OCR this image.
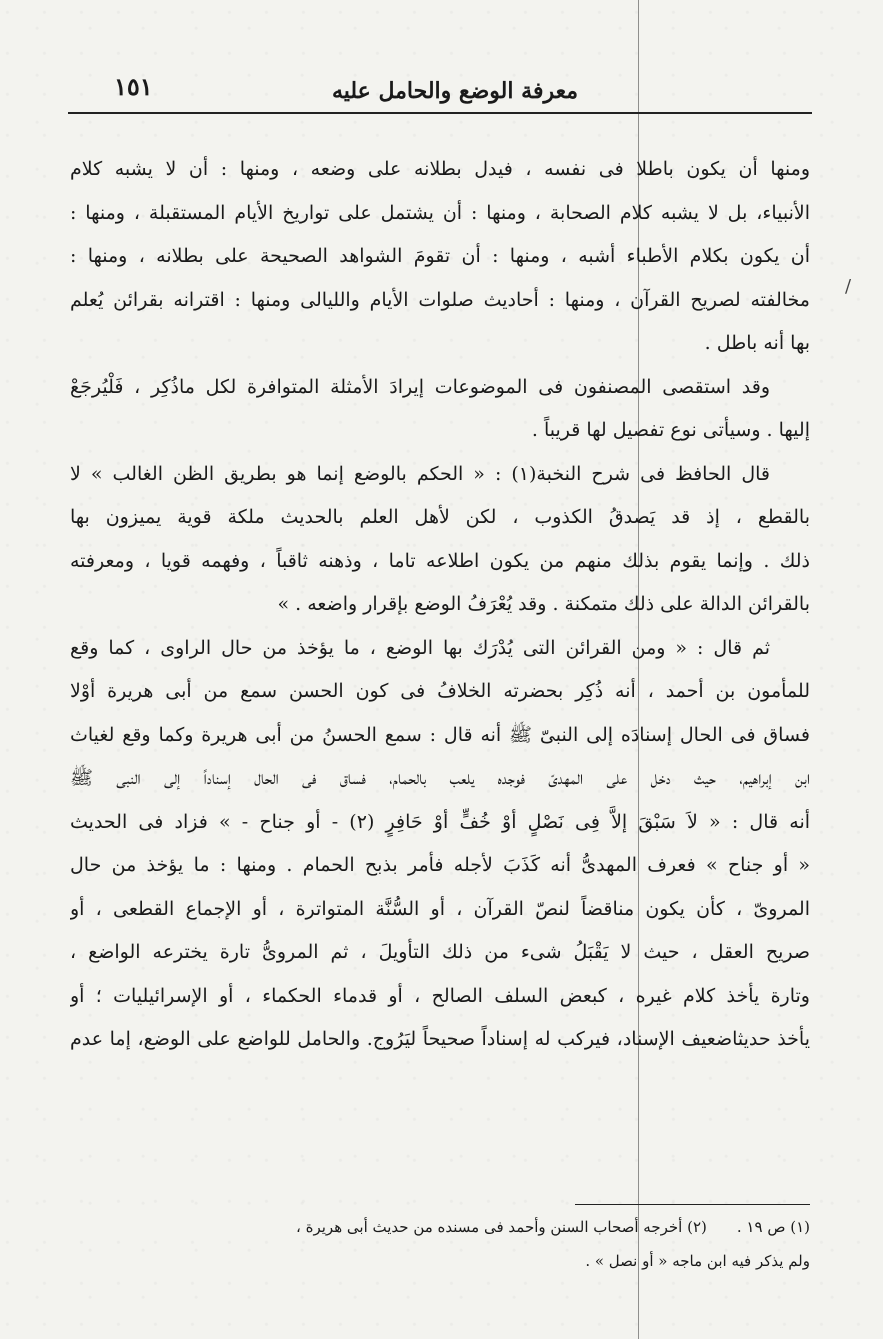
معرفة الوضع والحامل عليه
١٥١
/
ومنها أن يكون باطلا فى نفسه ، فيدل بطلانه على وضعه ، ومنها : أن لا يشبه كلام
الأنبياء، بل لا يشبه كلام الصحابة ، ومنها : أن يشتمل على تواريخ الأيام المستقبلة ، ومنها :
أن يكون بكلام الأطباء أشبه ، ومنها : أن تقومَ الشواهد الصحيحة على بطلانه ، ومنها :
مخالفته لصريح القرآن ، ومنها : أحاديث صلوات الأيام والليالى ومنها : اقترانه بقرائن يُعلم
بها أنه باطل .
وقد استقصى المصنفون فى الموضوعات إيرادَ الأمثلة المتوافرة لكل ماذُكِر ، فَلْيُرجَعْ
إليها . وسيأتى نوع تفصيل لها قريباً .
قال الحافظ فى شرح النخبة(١) : « الحكم بالوضع إنما هو بطريق الظن الغالب » لا
بالقطع ، إذ قد يَصدقُ الكذوب ، لكن لأهل العلم بالحديث ملكة قوية يميزون بها
ذلك . وإنما يقوم بذلك منهم من يكون اطلاعه تاما ، وذهنه ثاقباً ، وفهمه قويا ، ومعرفته
بالقرائن الدالة على ذلك متمكنة . وقد يُعْرَفُ الوضع بإقرار واضعه . »
ثم قال : « ومن القرائن التى يُدْرَك بها الوضع ، ما يؤخذ من حال الراوى ، كما وقع
للمأمون بن أحمد ، أنه ذُكِر بحضرته الخلافُ فى كون الحسن سمع من أبى هريرة أوْلا
فساق فى الحال إسنادَه إلى النبىّ ﷺ أنه قال : سمع الحسنُ من أبى هريرة وكما وقع لغياث
ابن إبراهيم، حيث دخل على المهدىّ فوجده يلعب بالحمام، فساق فى الحال إسناداً إلى النبى ﷺ
أنه قال : « لاَ سَبْقَ إلاَّ فِى نَصْلٍ أوْ خُفٍّ أوْ حَافِرٍ (٢) - أو جناح - » فزاد فى الحديث
« أو جناح » فعرف المهدىُّ أنه كَذَبَ لأجله فأمر بذبح الحمام . ومنها : ما يؤخذ من حال
المروىّ ، كأن يكون مناقضاً لنصّ القرآن ، أو السُّنَّة المتواترة ، أو الإجماع القطعى ، أو
صريح العقل ، حيث لا يَقْبَلُ شىء من ذلك التأويلَ ، ثم المروىُّ تارة يخترعه الواضع ،
وتارة يأخذ كلام غيره ، كبعض السلف الصالح ، أو قدماء الحكماء ، أو الإسرائيليات ؛ أو
يأخذ حديثاضعيف الإسناد، فيركب له إسناداً صحيحاً ليَرُوج. والحامل للواضع على الوضع، إما عدم
(١) ص ١٩ .(٢) أخرجه أصحاب السنن وأحمد فى مسنده من حديث أبى هريرة ،
ولم يذكر فيه ابن ماجه « أو نصل » .
